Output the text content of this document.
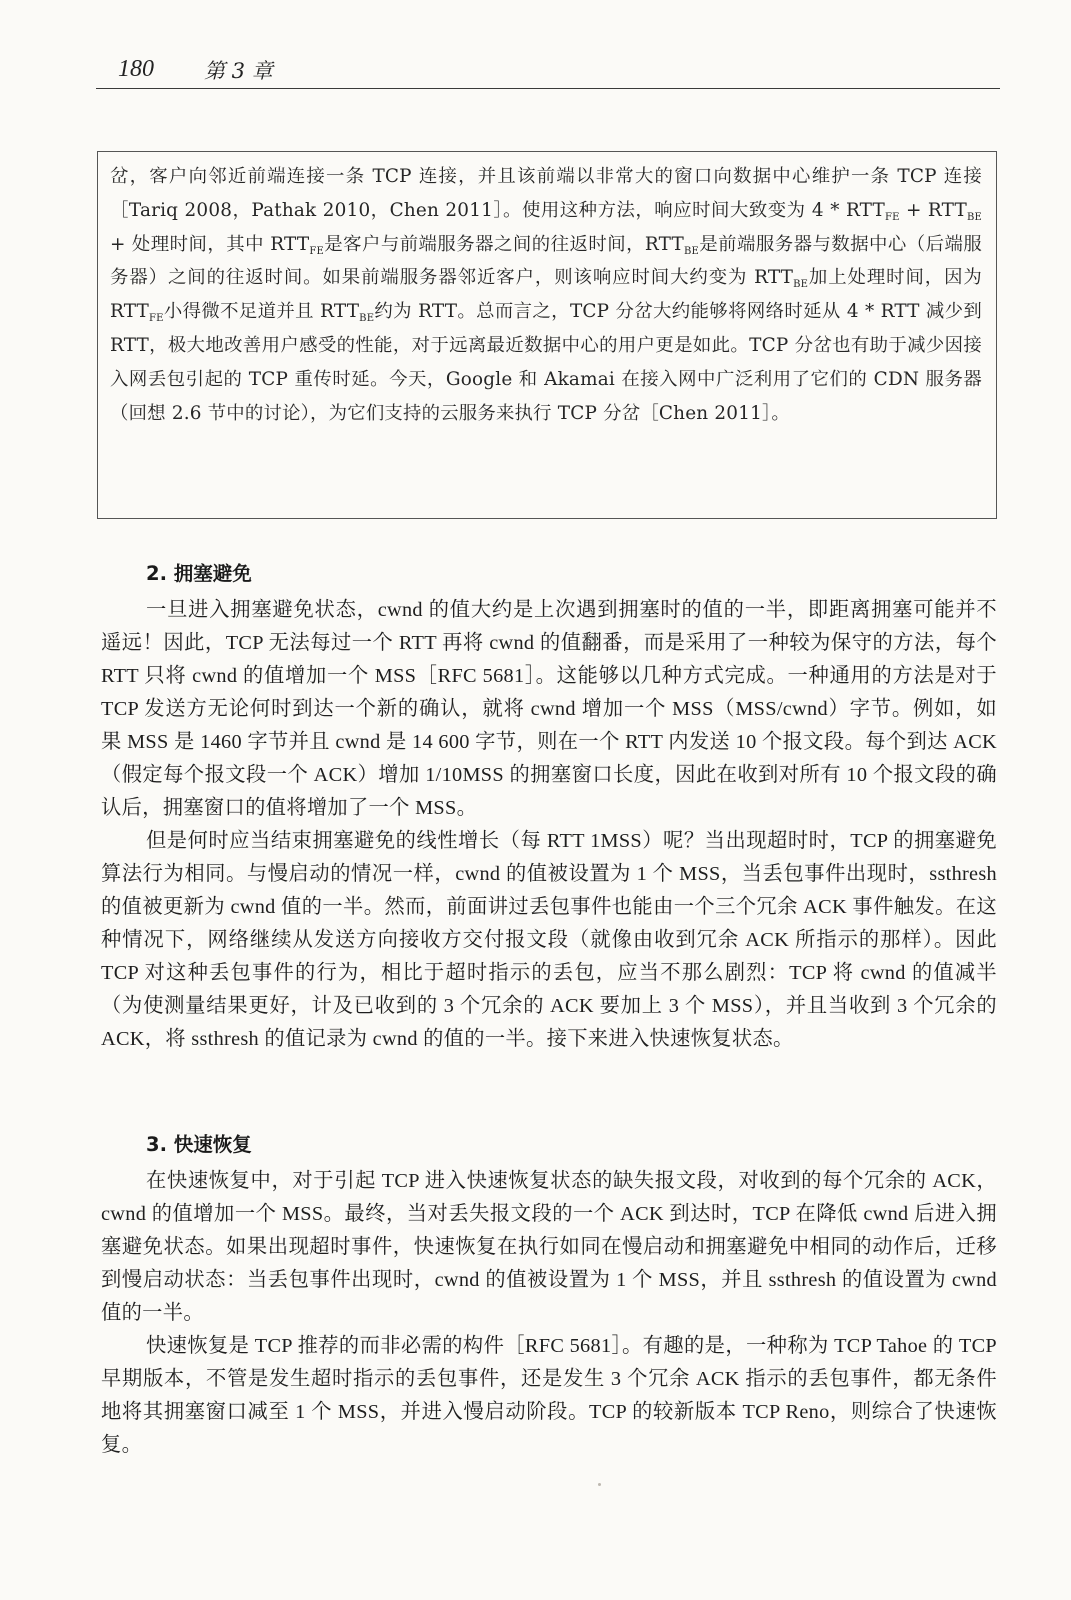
180 第 3 章

岔，客户向邻近前端连接一条 TCP 连接，并且该前端以非常大的窗口向数据中心维护一条 TCP 连接［Tariq 2008，Pathak 2010，Chen 2011］。使用这种方法，响应时间大致变为 $4 * RTT_{FE} + RTT_{BE}$ + 处理时间，其中 $RTT_{FE}$是客户与前端服务器之间的往返时间，$RTT_{BE}$是前端服务器与数据中心（后端服务器）之间的往返时间。如果前端服务器邻近客户，则该响应时间大约变为 $RTT_{BE}$加上处理时间，因为 $RTT_{FE}$小得微不足道并且 $RTT_{BE}$约为 RTT。总而言之，TCP 分岔大约能够将网络时延从 4 * RTT 减少到 RTT，极大地改善用户感受的性能，对于远离最近数据中心的用户更是如此。TCP 分岔也有助于减少因接入网丢包引起的 TCP 重传时延。今天，Google 和 Akamai 在接入网中广泛利用了它们的 CDN 服务器（回想 2.6 节中的讨论），为它们支持的云服务来执行 TCP 分岔［Chen 2011］。

2. 拥塞避免

一旦进入拥塞避免状态，cwnd 的值大约是上次遇到拥塞时的值的一半，即距离拥塞可能并不遥远！因此，TCP 无法每过一个 RTT 再将 cwnd 的值翻番，而是采用了一种较为保守的方法，每个 RTT 只将 cwnd 的值增加一个 MSS［RFC 5681］。这能够以几种方式完成。一种通用的方法是对于 TCP 发送方无论何时到达一个新的确认，就将 cwnd 增加一个 MSS（MSS/cwnd）字节。例如，如果 MSS 是 1460 字节并且 cwnd 是 14 600 字节，则在一个 RTT 内发送 10 个报文段。每个到达 ACK（假定每个报文段一个 ACK）增加 1/10MSS 的拥塞窗口长度，因此在收到对所有 10 个报文段的确认后，拥塞窗口的值将增加了一个 MSS。

但是何时应当结束拥塞避免的线性增长（每 RTT 1MSS）呢？当出现超时时，TCP 的拥塞避免算法行为相同。与慢启动的情况一样，cwnd 的值被设置为 1 个 MSS，当丢包事件出现时，ssthresh 的值被更新为 cwnd 值的一半。然而，前面讲过丢包事件也能由一个三个冗余 ACK 事件触发。在这种情况下，网络继续从发送方向接收方交付报文段（就像由收到冗余 ACK 所指示的那样）。因此 TCP 对这种丢包事件的行为，相比于超时指示的丢包，应当不那么剧烈：TCP 将 cwnd 的值减半（为使测量结果更好，计及已收到的 3 个冗余的 ACK 要加上 3 个 MSS），并且当收到 3 个冗余的 ACK，将 ssthresh 的值记录为 cwnd 的值的一半。接下来进入快速恢复状态。

3. 快速恢复

在快速恢复中，对于引起 TCP 进入快速恢复状态的缺失报文段，对收到的每个冗余的 ACK，cwnd 的值增加一个 MSS。最终，当对丢失报文段的一个 ACK 到达时，TCP 在降低 cwnd 后进入拥塞避免状态。如果出现超时事件，快速恢复在执行如同在慢启动和拥塞避免中相同的动作后，迁移到慢启动状态：当丢包事件出现时，cwnd 的值被设置为 1 个 MSS，并且 ssthresh 的值设置为 cwnd 值的一半。

快速恢复是 TCP 推荐的而非必需的构件［RFC 5681］。有趣的是，一种称为 TCP Tahoe 的 TCP 早期版本，不管是发生超时指示的丢包事件，还是发生 3 个冗余 ACK 指示的丢包事件，都无条件地将其拥塞窗口减至 1 个 MSS，并进入慢启动阶段。TCP 的较新版本 TCP Reno，则综合了快速恢复。
